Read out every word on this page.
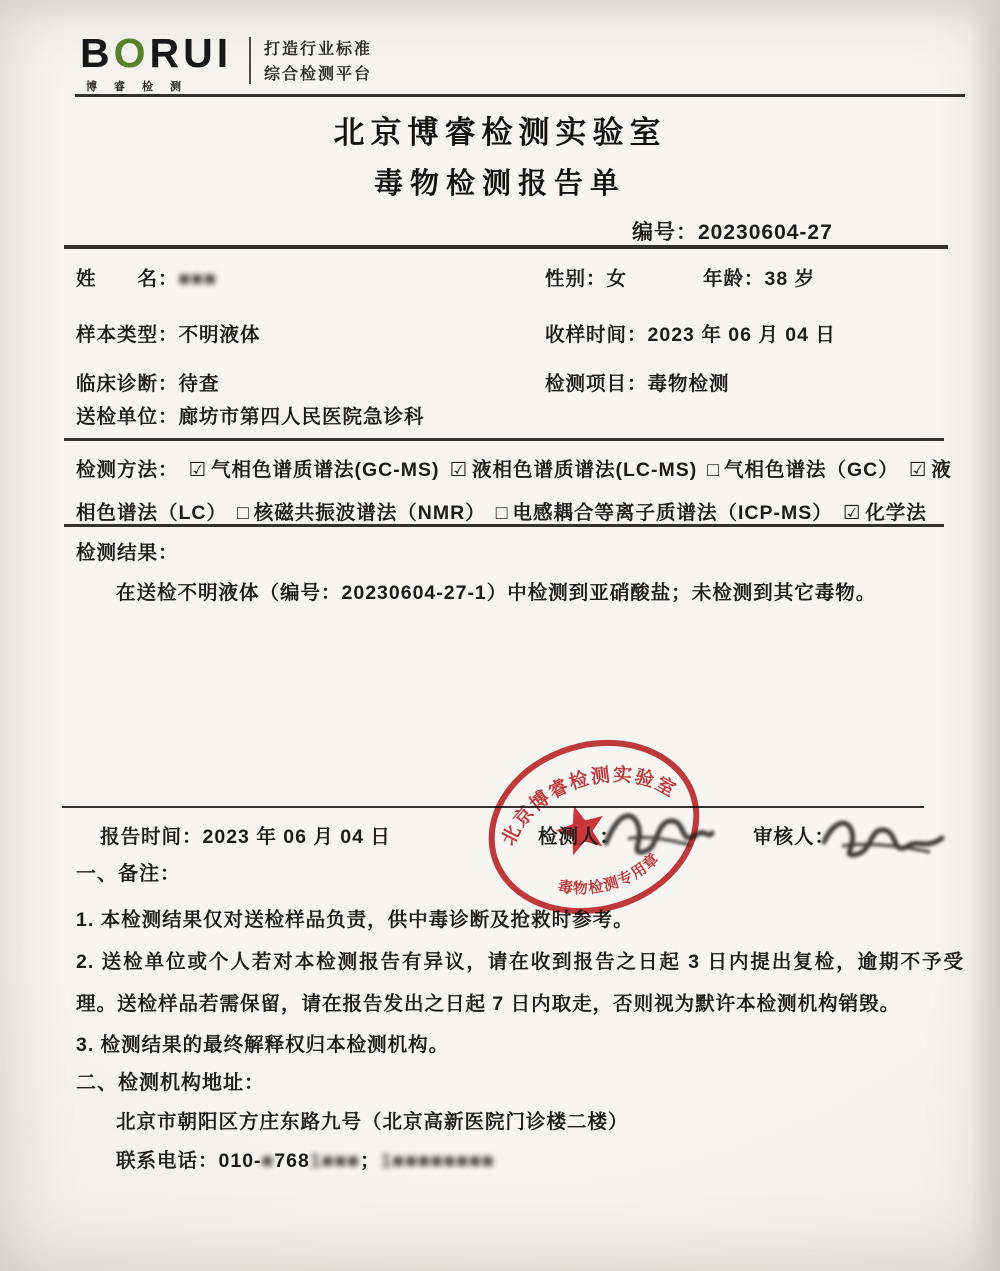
BORUI
博睿检测
打造行业标准
综合检测平台
北京博睿检测实验室
毒物检测报告单
编号：20230604-27
姓　　名：■■■	性别：女	年龄：38 岁
样本类型：不明液体	收样时间：2023 年 06 月 04 日
临床诊断：待查	检测项目：毒物检测
送检单位：廊坊市第四人民医院急诊科
检测方法： ☑ 气相色谱质谱法(GC-MS) ☑ 液相色谱质谱法(LC-MS) □ 气相色谱法（GC） ☑ 液相色谱法（LC） □ 核磁共振波谱法（NMR） □ 电感耦合等离子质谱法（ICP-MS） ☑ 化学法
检测结果：
在送检不明液体（编号：20230604-27-1）中检测到亚硝酸盐；未检测到其它毒物。
报告时间：2023 年 06 月 04 日	检测人：	审核人：
北京博睿检测实验室
毒物检测专用章
一、备注：
1. 本检测结果仅对送检样品负责，供中毒诊断及抢救时参考。
2. 送检单位或个人若对本检测报告有异议，请在收到报告之日起 3 日内提出复检，逾期不予受理。送检样品若需保留，请在报告发出之日起 7 日内取走，否则视为默许本检测机构销毁。
3. 检测结果的最终解释权归本检测机构。
二、检测机构地址：
北京市朝阳区方庄东路九号（北京高新医院门诊楼二楼）
联系电话：010-■7681■■■；1■■■■■■■■
